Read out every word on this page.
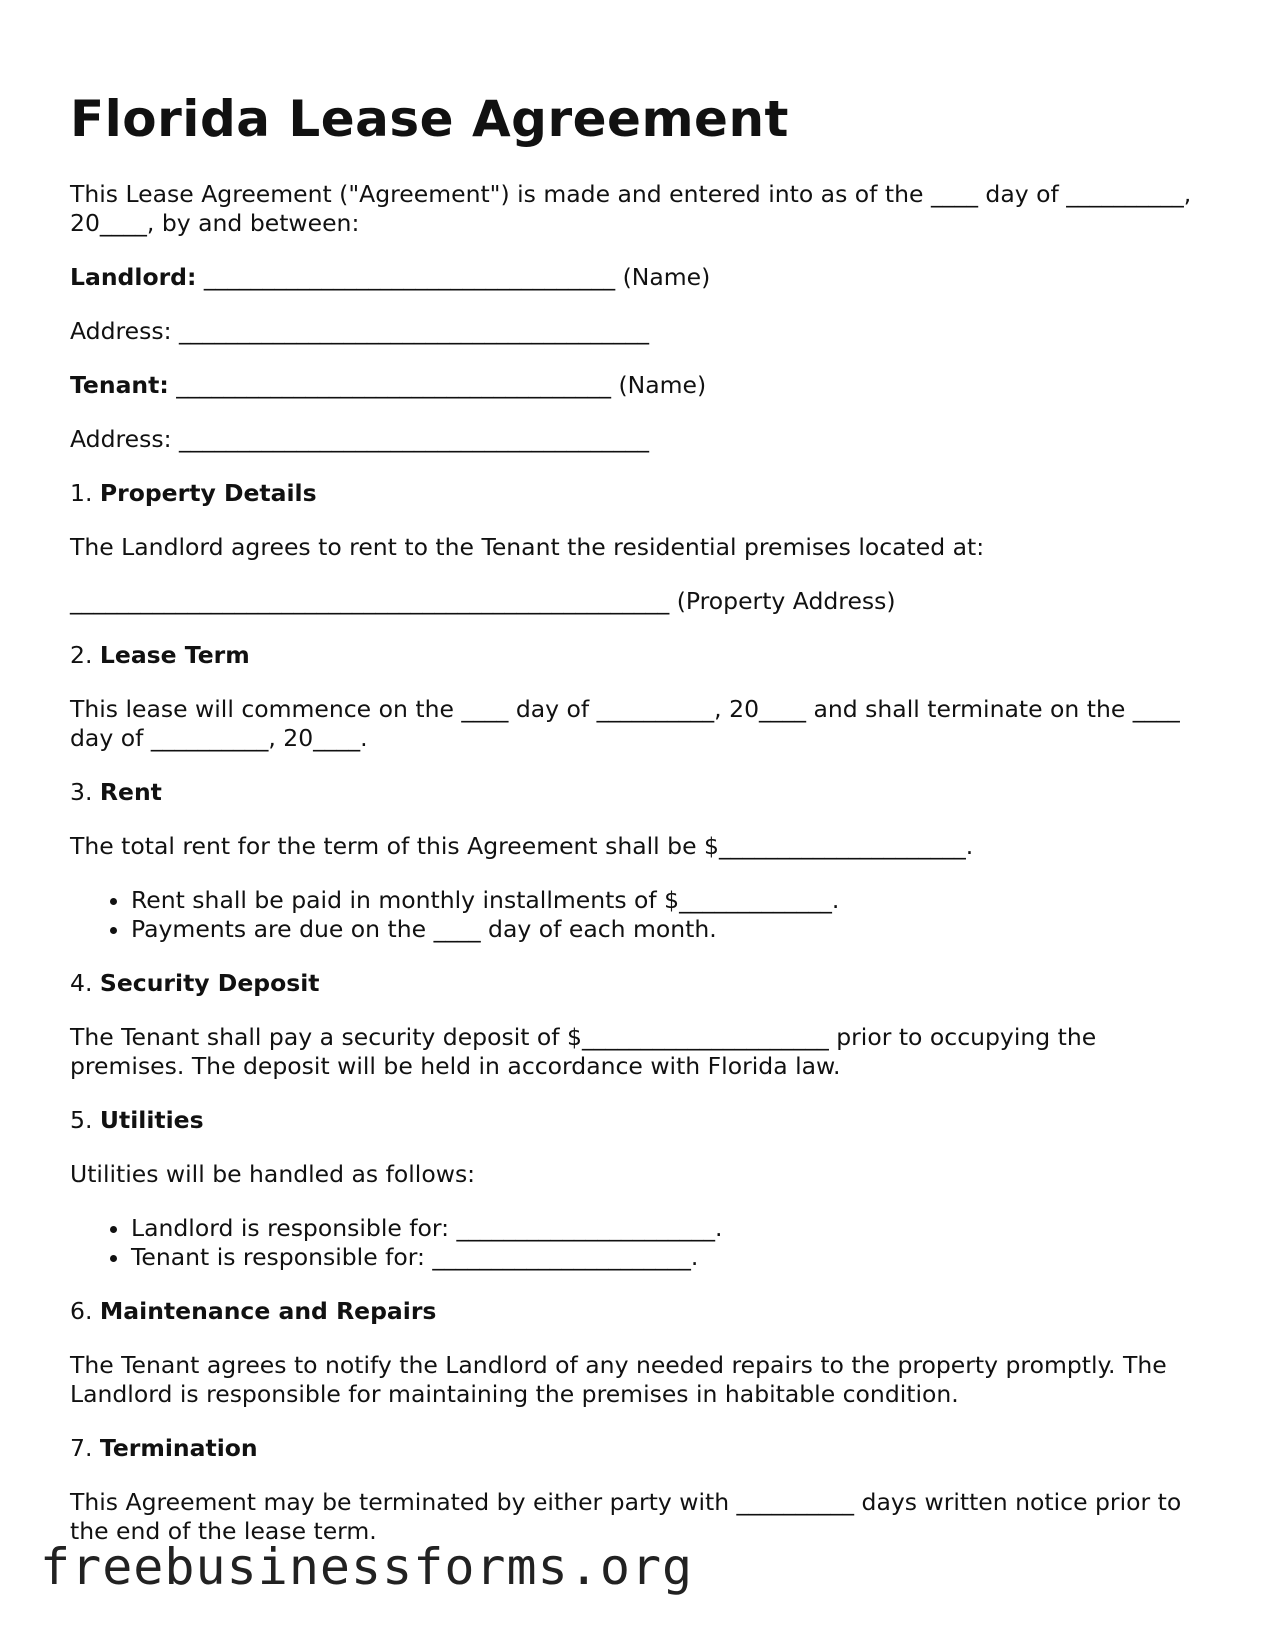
Florida Lease Agreement

This Lease Agreement ("Agreement") is made and entered into as of the ____ day of __________, 20____, by and between:

Landlord: ___________________________________ (Name)

Address: ________________________________________

Tenant: _____________________________________ (Name)

Address: ________________________________________

1. Property Details

The Landlord agrees to rent to the Tenant the residential premises located at:

___________________________________________________ (Property Address)

2. Lease Term

This lease will commence on the ____ day of __________, 20____ and shall terminate on the ____ day of __________, 20____.

3. Rent

The total rent for the term of this Agreement shall be $_____________________.

• Rent shall be paid in monthly installments of $_____________.
• Payments are due on the ____ day of each month.
4. Security Deposit

The Tenant shall pay a security deposit of $_____________________ prior to occupying the premises. The deposit will be held in accordance with Florida law.

5. Utilities

Utilities will be handled as follows:

• Landlord is responsible for: ______________________.
• Tenant is responsible for: ______________________.
6. Maintenance and Repairs

The Tenant agrees to notify the Landlord of any needed repairs to the property promptly. The Landlord is responsible for maintaining the premises in habitable condition.

7. Termination

This Agreement may be terminated by either party with __________ days written notice prior to the end of the lease term.

freebusinessforms.org
